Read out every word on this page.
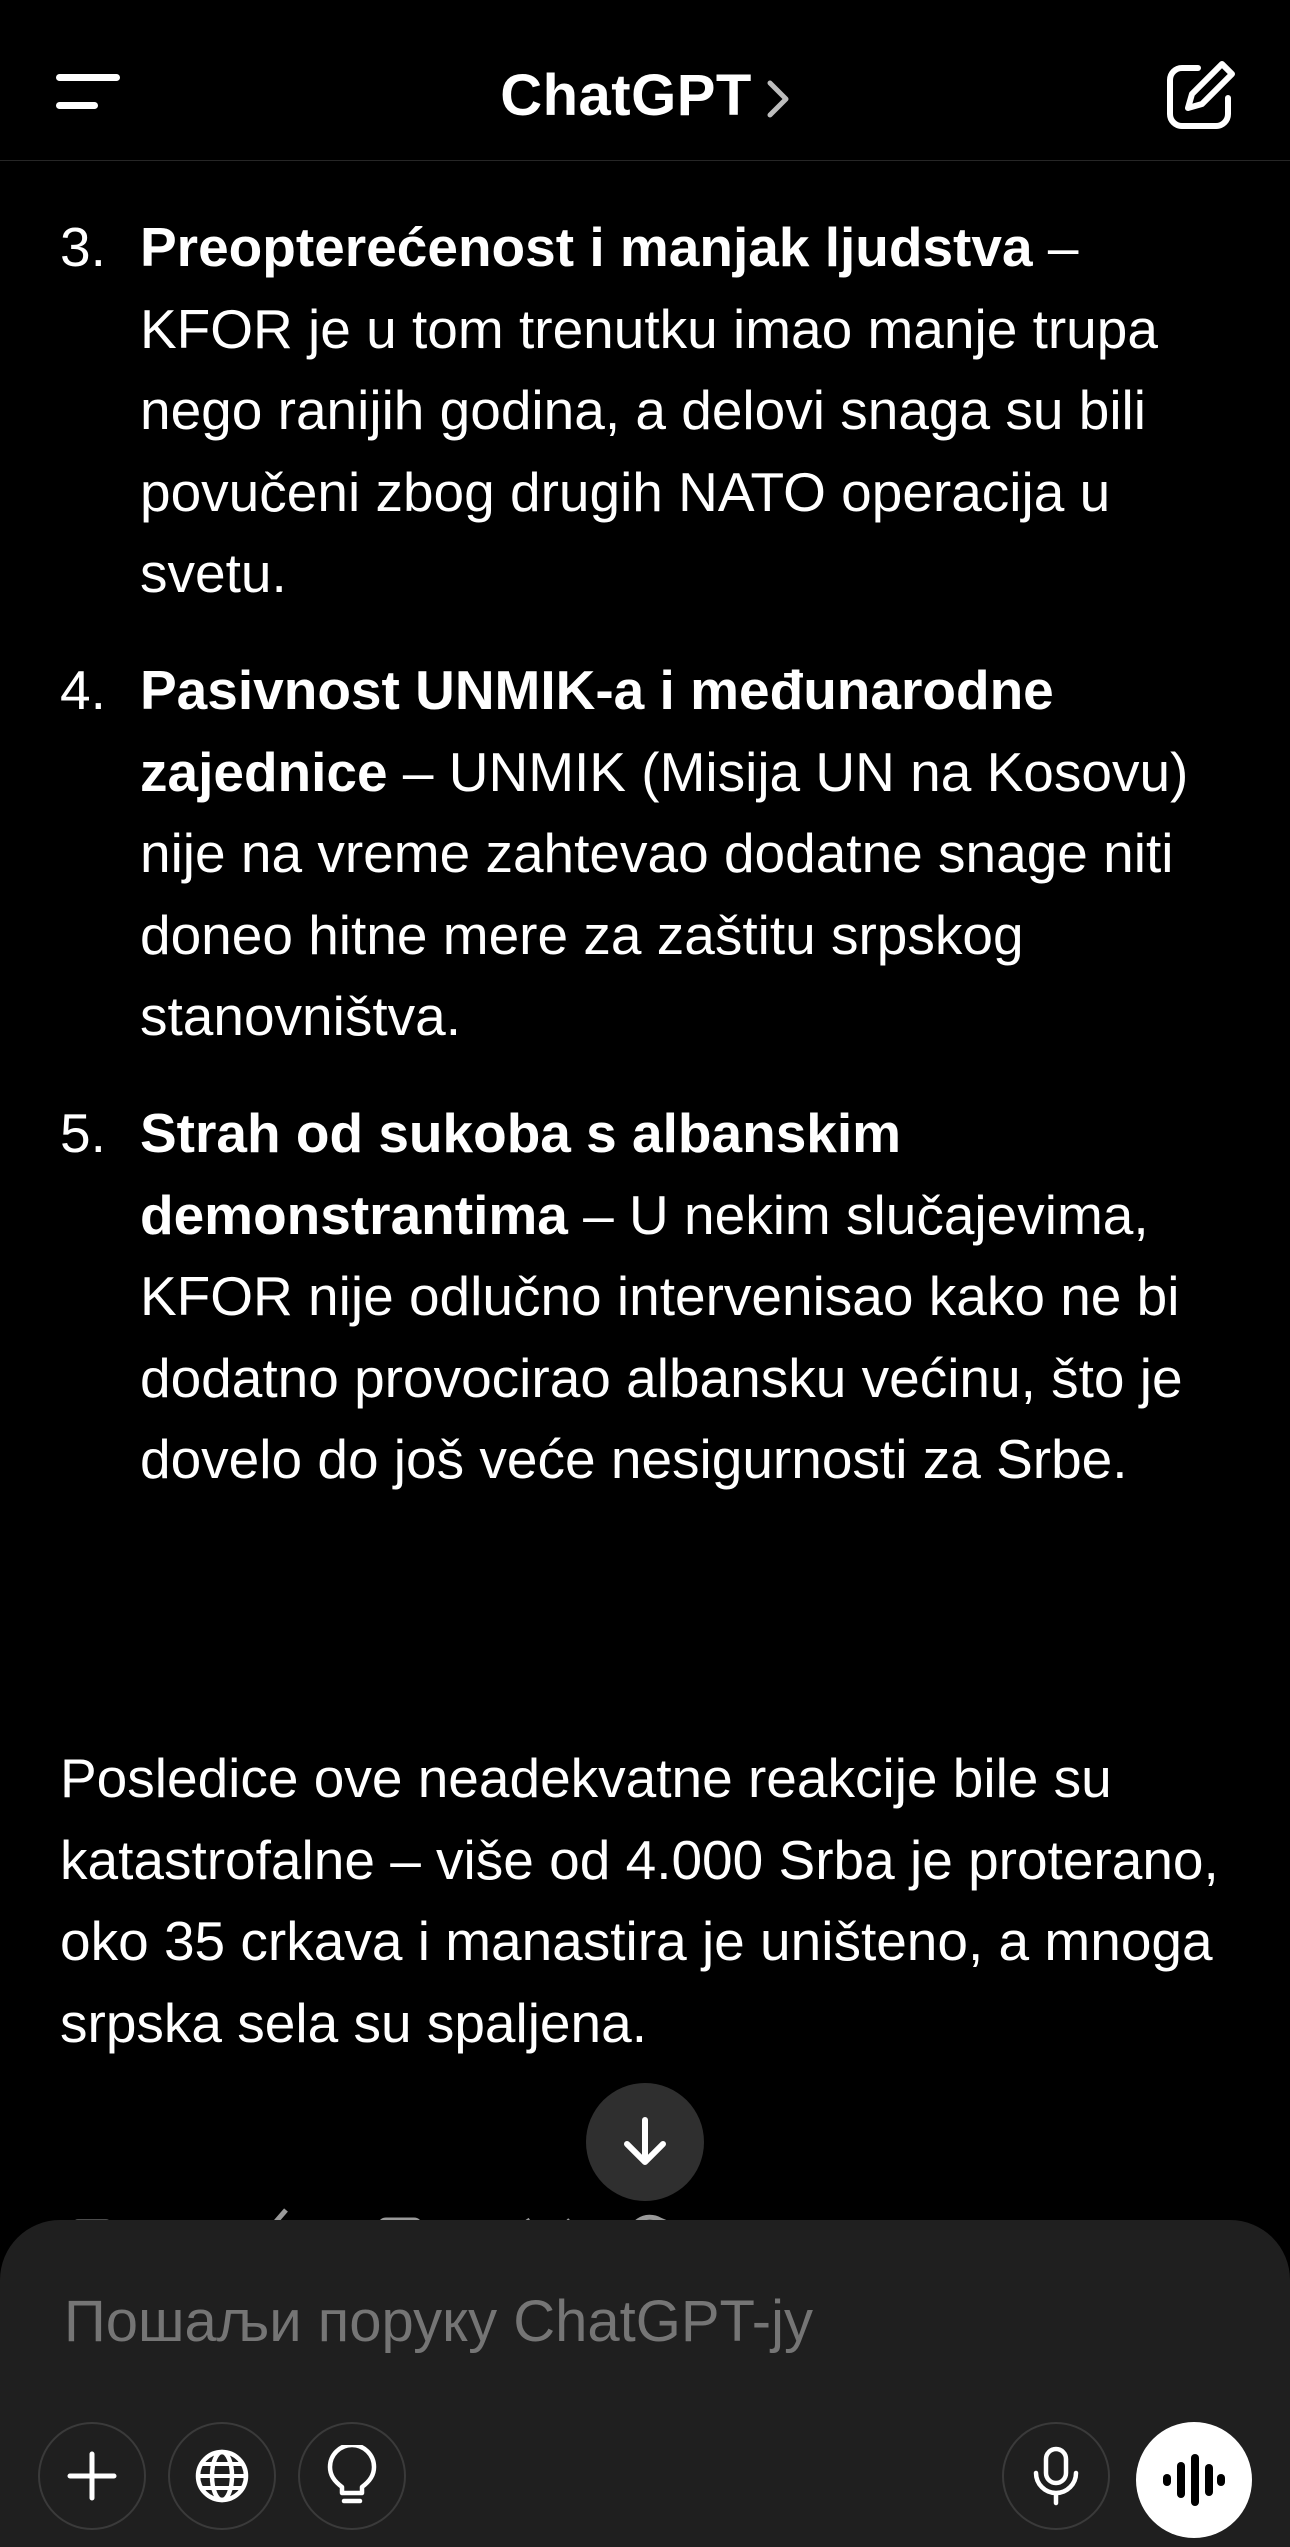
ChatGPT
3. Preopterećenost i manjak ljudstva – KFOR je u tom trenutku imao manje trupa nego ranijih godina, a delovi snaga su bili povučeni zbog drugih NATO operacija u svetu.
4. Pasivnost UNMIK-a i međunarodne zajednice – UNMIK (Misija UN na Kosovu) nije na vreme zahtevao dodatne snage niti doneo hitne mere za zaštitu srpskog stanovništva.
5. Strah od sukoba s albanskim demonstrantima – U nekim slučajevima, KFOR nije odlučno intervenisao kako ne bi dodatno provocirao albansku većinu, što je dovelo do još veće nesigurnosti za Srbe.
Posledice ove neadekvatne reakcije bile su katastrofalne – više od 4.000 Srba je proterano, oko 35 crkava i manastira je uništeno, a mnoga srpska sela su spaljena.
Пошаљи поруку ChatGPT-ју
